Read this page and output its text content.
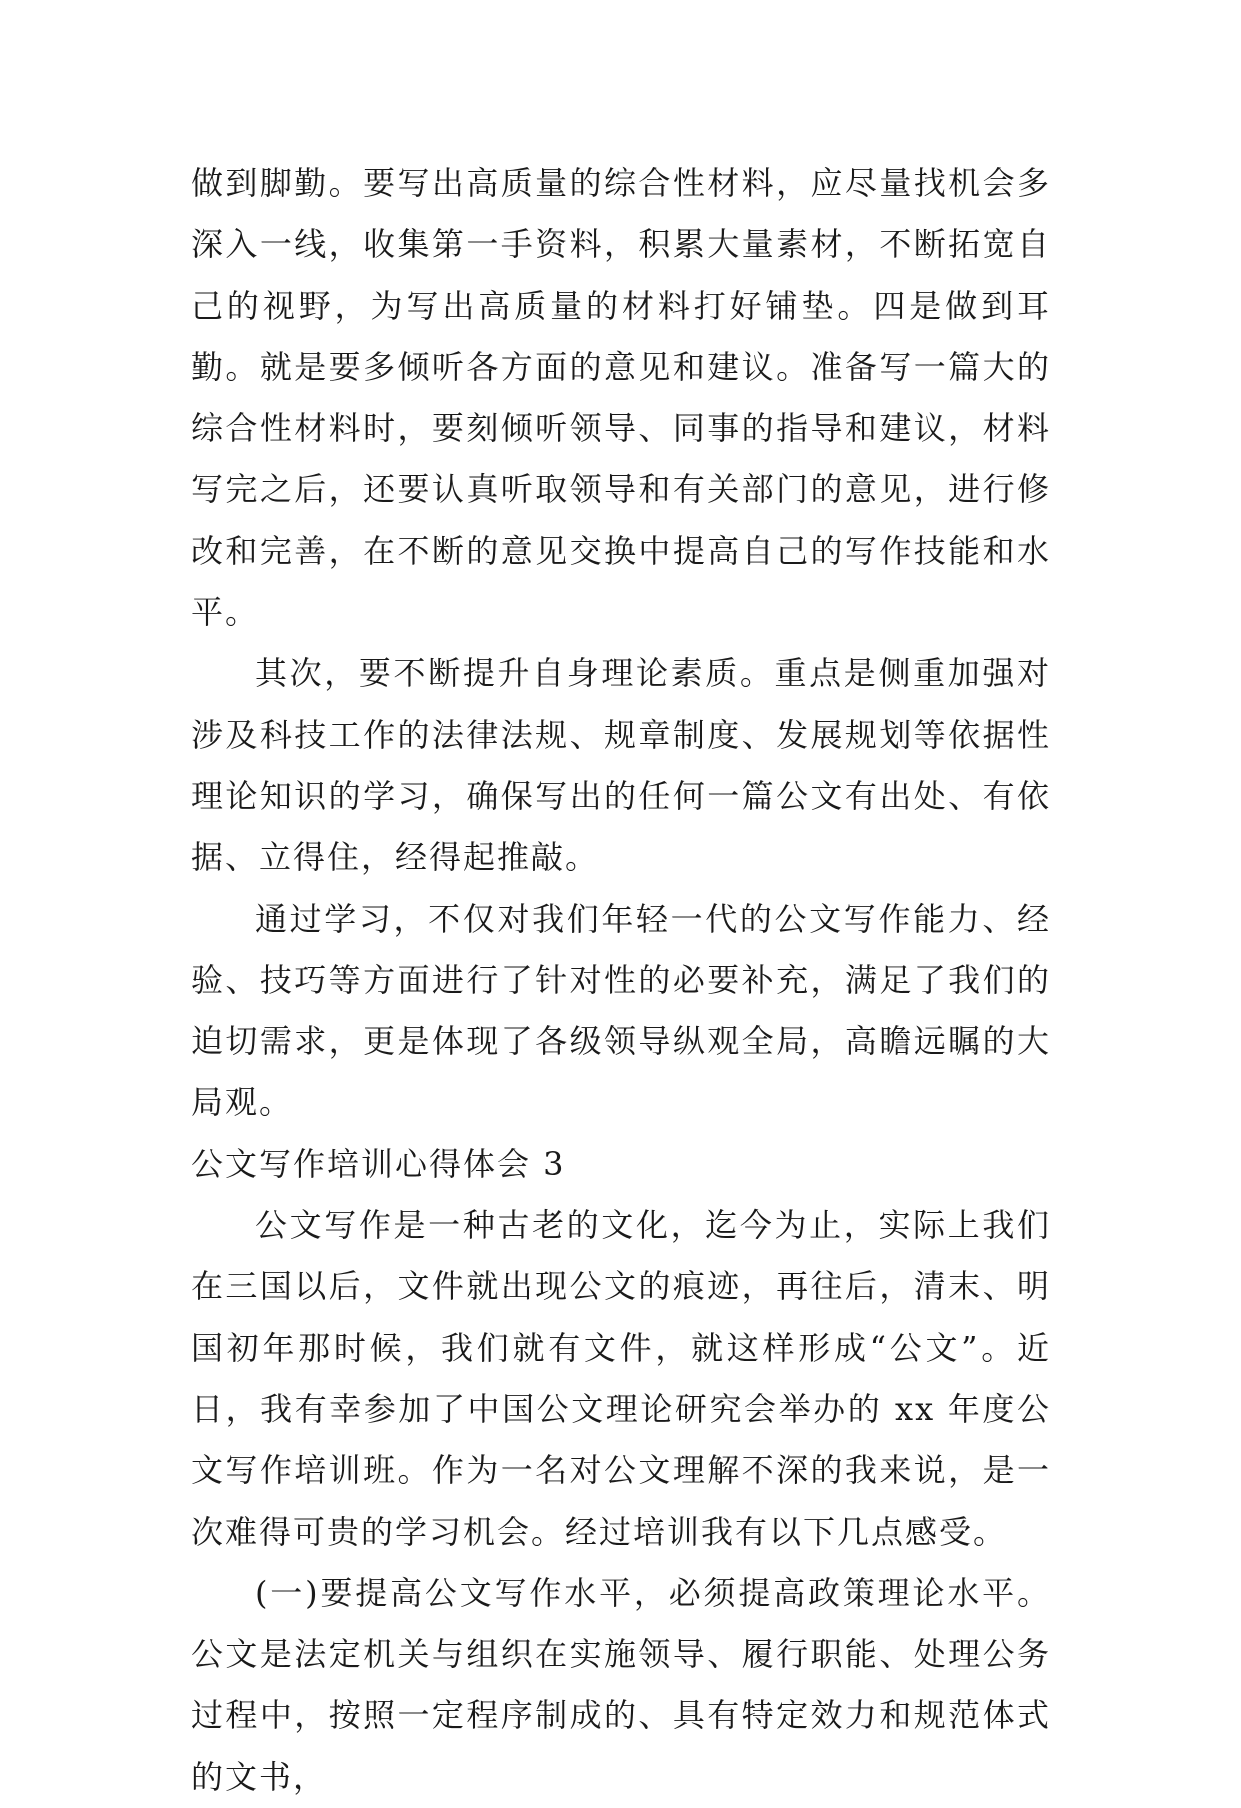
做到脚勤。要写出高质量的综合性材料，应尽量找机会多深入一线，收集第一手资料，积累大量素材，不断拓宽自己的视野，为写出高质量的材料打好铺垫。四是做到耳勤。就是要多倾听各方面的意见和建议。准备写一篇大的综合性材料时，要刻倾听领导、同事的指导和建议，材料写完之后，还要认真听取领导和有关部门的意见，进行修改和完善，在不断的意见交换中提高自己的写作技能和水平。

其次，要不断提升自身理论素质。重点是侧重加强对涉及科技工作的法律法规、规章制度、发展规划等依据性理论知识的学习，确保写出的任何一篇公文有出处、有依据、立得住，经得起推敲。

通过学习，不仅对我们年轻一代的公文写作能力、经验、技巧等方面进行了针对性的必要补充，满足了我们的迫切需求，更是体现了各级领导纵观全局，高瞻远瞩的大局观。

公文写作培训心得体会 3

公文写作是一种古老的文化，迄今为止，实际上我们在三国以后，文件就出现公文的痕迹，再往后，清末、明国初年那时候，我们就有文件，就这样形成“公文”。近日，我有幸参加了中国公文理论研究会举办的 xx 年度公文写作培训班。作为一名对公文理解不深的我来说，是一次难得可贵的学习机会。经过培训我有以下几点感受。

(一)要提高公文写作水平，必须提高政策理论水平。公文是法定机关与组织在实施领导、履行职能、处理公务过程中，按照一定程序制成的、具有特定效力和规范体式的文书，
